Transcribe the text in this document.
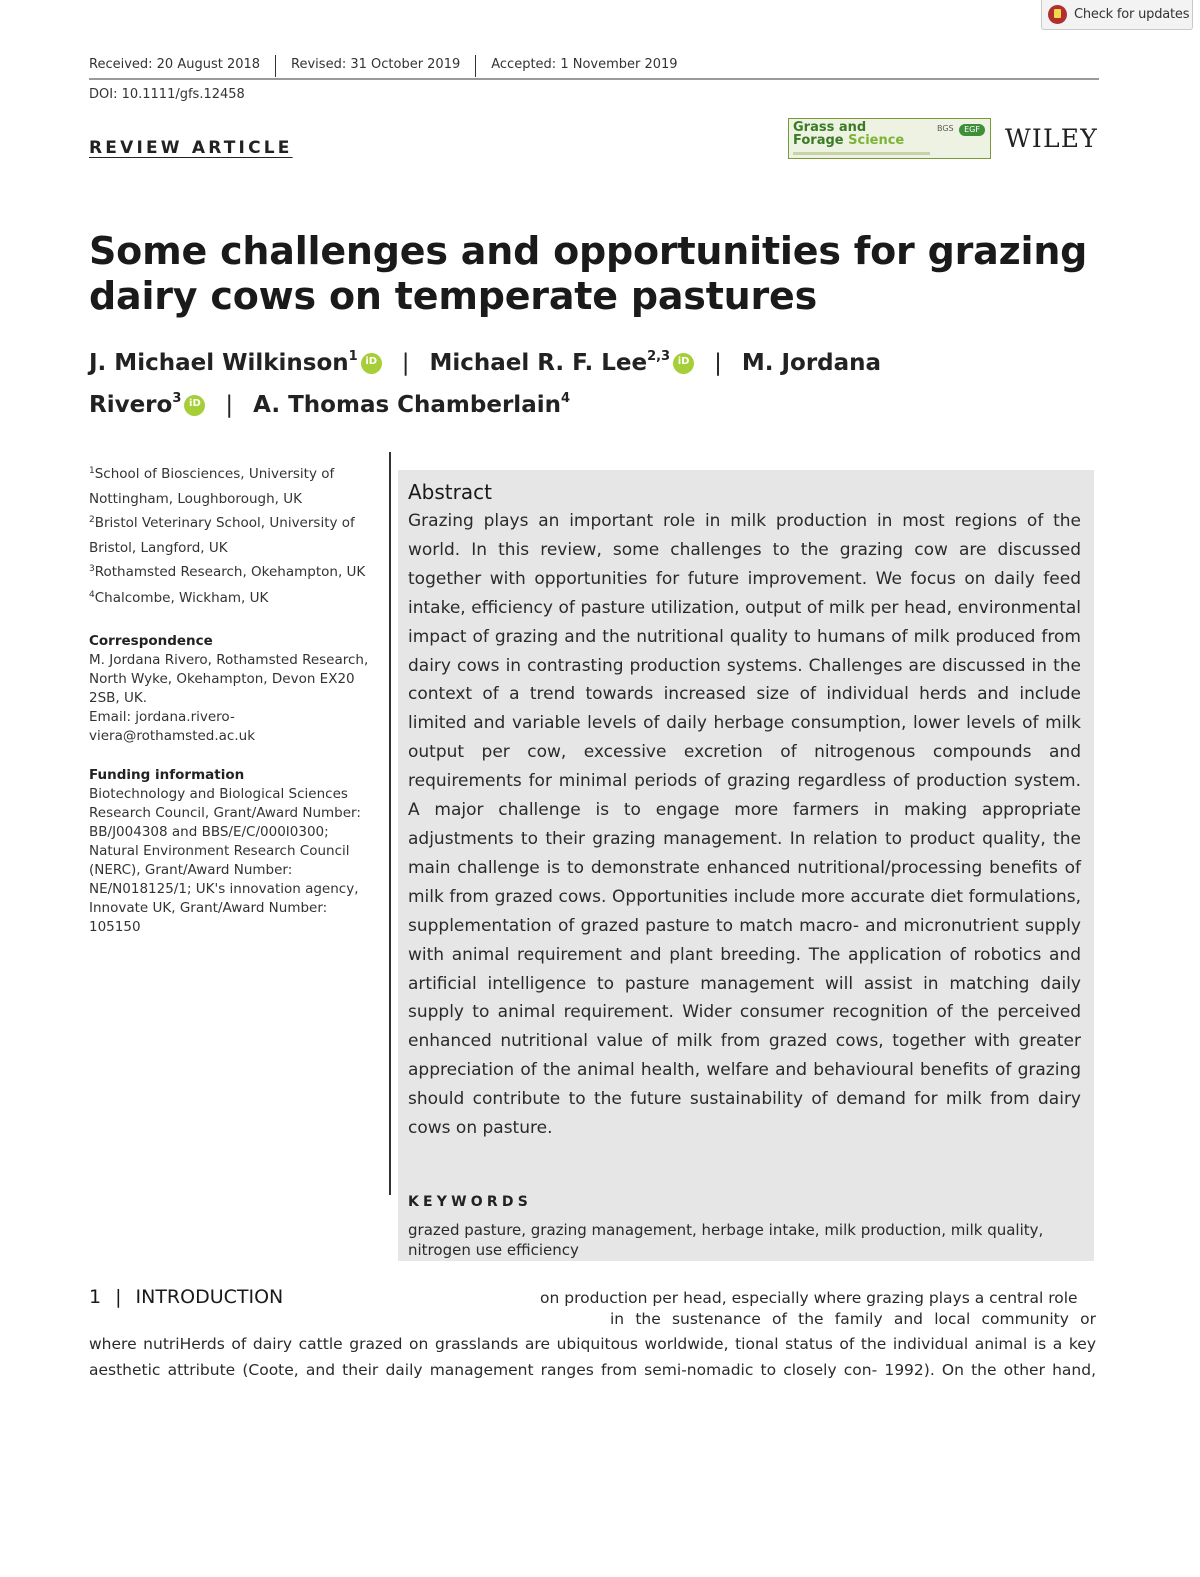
Check for updates
Received: 20 August 2018 Revised: 31 October 2019 Accepted: 1 November 2019
DOI: 10.1111/gfs.12458
REVIEW ARTICLE
Grass and
Forage Science
BGS	EGF WILEY
Some challenges and opportunities for grazing dairy cows on temperate pastures
J. Michael Wilkinson$^1$ iD | Michael R. F. Lee$^{2,3}$ iD | M. Jordana
Rivero$^3$ iD | A. Thomas Chamberlain$^4$
$^1$School of Biosciences, University of Nottingham, Loughborough, UK
$^2$Bristol Veterinary School, University of Bristol, Langford, UK
$^3$Rothamsted Research, Okehampton, UK
$^4$Chalcombe, Wickham, UK
Correspondence
M. Jordana Rivero, Rothamsted Research, North Wyke, Okehampton, Devon EX20 2SB, UK.
Email: jordana.rivero-viera@rothamsted.ac.uk
Funding information
Biotechnology and Biological Sciences Research Council, Grant/Award Number: BB/J004308 and BBS/E/C/000I0300; Natural Environment Research Council (NERC), Grant/Award Number: NE/N018125/1; UK's innovation agency, Innovate UK, Grant/Award Number: 105150
Abstract

Grazing plays an important role in milk production in most regions of the world. In this review, some challenges to the grazing cow are discussed together with opportunities for future improvement. We focus on daily feed intake, efficiency of pasture utilization, output of milk per head, environmental impact of grazing and the nutritional quality to humans of milk produced from dairy cows in contrasting production systems. Challenges are discussed in the context of a trend towards increased size of individual herds and include limited and variable levels of daily herbage consumption, lower levels of milk output per cow, excessive excretion of nitrogenous compounds and requirements for minimal periods of grazing regardless of production system. A major challenge is to engage more farmers in making appropriate adjustments to their grazing management. In relation to product quality, the main challenge is to demonstrate enhanced nutritional/processing benefits of milk from grazed cows. Opportunities include more accurate diet formulations, supplementation of grazed pasture to match macro- and micronutrient supply with animal requirement and plant breeding. The application of robotics and artificial intelligence to pasture management will assist in matching daily supply to animal requirement. Wider consumer recognition of the perceived enhanced nutritional value of milk from grazed cows, together with greater appreciation of the animal health, welfare and behavioural benefits of grazing should contribute to the future sustainability of demand for milk from dairy cows on pasture.

KEYWORDS
grazed pasture, grazing management, herbage intake, milk production, milk quality, nitrogen use efficiency
1 | INTRODUCTION	on production per head, especially where grazing plays a central role
in the sustenance of the family and local community or
where nutriHerds of dairy cattle grazed on grasslands are ubiquitous worldwide, tional status of the individual animal is a key
aesthetic attribute (Coote, and their daily management ranges from semi-nomadic to closely con- 1992). On the other hand,
